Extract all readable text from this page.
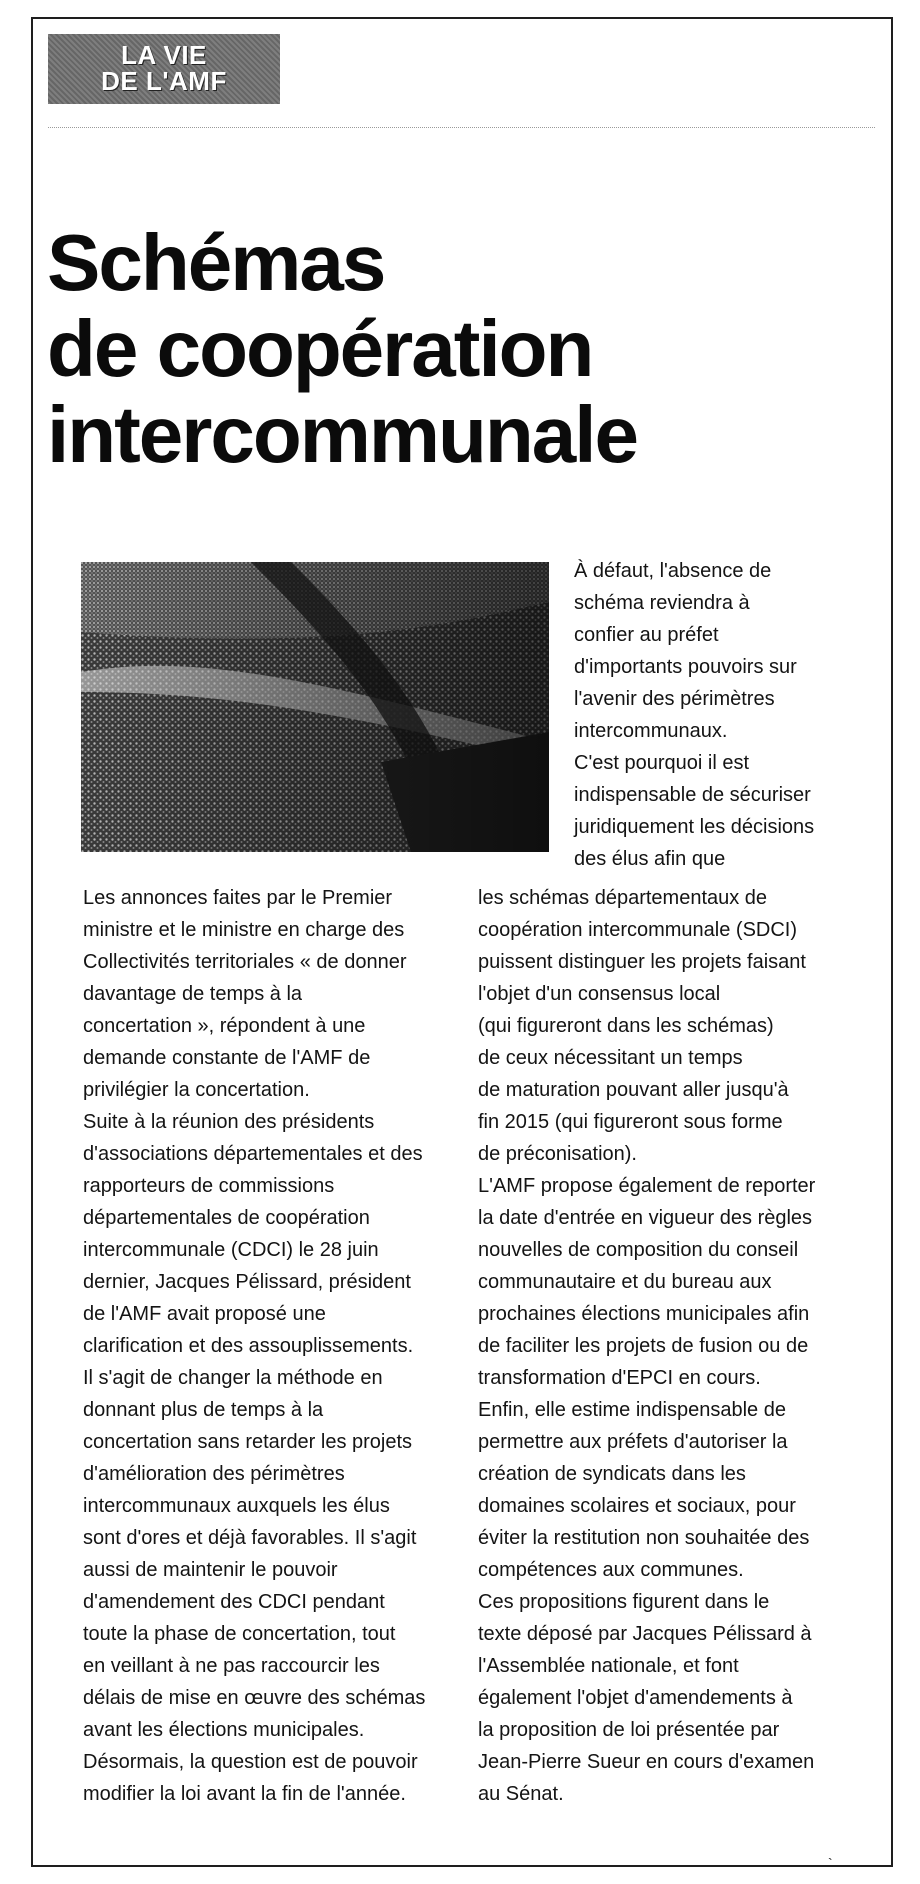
LA VIE
DE L'AMF
Schémas
de coopération
intercommunale
À défaut, l'absence de
schéma reviendra à
confier au préfet
d'importants pouvoirs sur
l'avenir des périmètres
intercommunaux.
C'est pourquoi il est
indispensable de sécuriser
juridiquement les décisions
des élus afin que
Les annonces faites par le Premier
ministre et le ministre en charge des
Collectivités territoriales « de donner
davantage de temps à la
concertation », répondent à une
demande constante de l'AMF de
privilégier la concertation.
Suite à la réunion des présidents
d'associations départementales et des
rapporteurs de commissions
départementales de coopération
intercommunale (CDCI) le 28 juin
dernier, Jacques Pélissard, président
de l'AMF avait proposé une
clarification et des assouplissements.
Il s'agit de changer la méthode en
donnant plus de temps à la
concertation sans retarder les projets
d'amélioration des périmètres
intercommunaux auxquels les élus
sont d'ores et déjà favorables. Il s'agit
aussi de maintenir le pouvoir
d'amendement des CDCI pendant
toute la phase de concertation, tout
en veillant à ne pas raccourcir les
délais de mise en œuvre des schémas
avant les élections municipales.
Désormais, la question est de pouvoir
modifier la loi avant la fin de l'année.
les schémas départementaux de
coopération intercommunale (SDCI)
puissent distinguer les projets faisant
l'objet d'un consensus local
(qui figureront dans les schémas)
de ceux nécessitant un temps
de maturation pouvant aller jusqu'à
fin 2015 (qui figureront sous forme
de préconisation).
L'AMF propose également de reporter
la date d'entrée en vigueur des règles
nouvelles de composition du conseil
communautaire et du bureau aux
prochaines élections municipales afin
de faciliter les projets de fusion ou de
transformation d'EPCI en cours.
Enfin, elle estime indispensable de
permettre aux préfets d'autoriser la
création de syndicats dans les
domaines scolaires et sociaux, pour
éviter la restitution non souhaitée des
compétences aux communes.
Ces propositions figurent dans le
texte déposé par Jacques Pélissard à
l'Assemblée nationale, et font
également l'objet d'amendements à
la proposition de loi présentée par
Jean-Pierre Sueur en cours d'examen
au Sénat.
`
